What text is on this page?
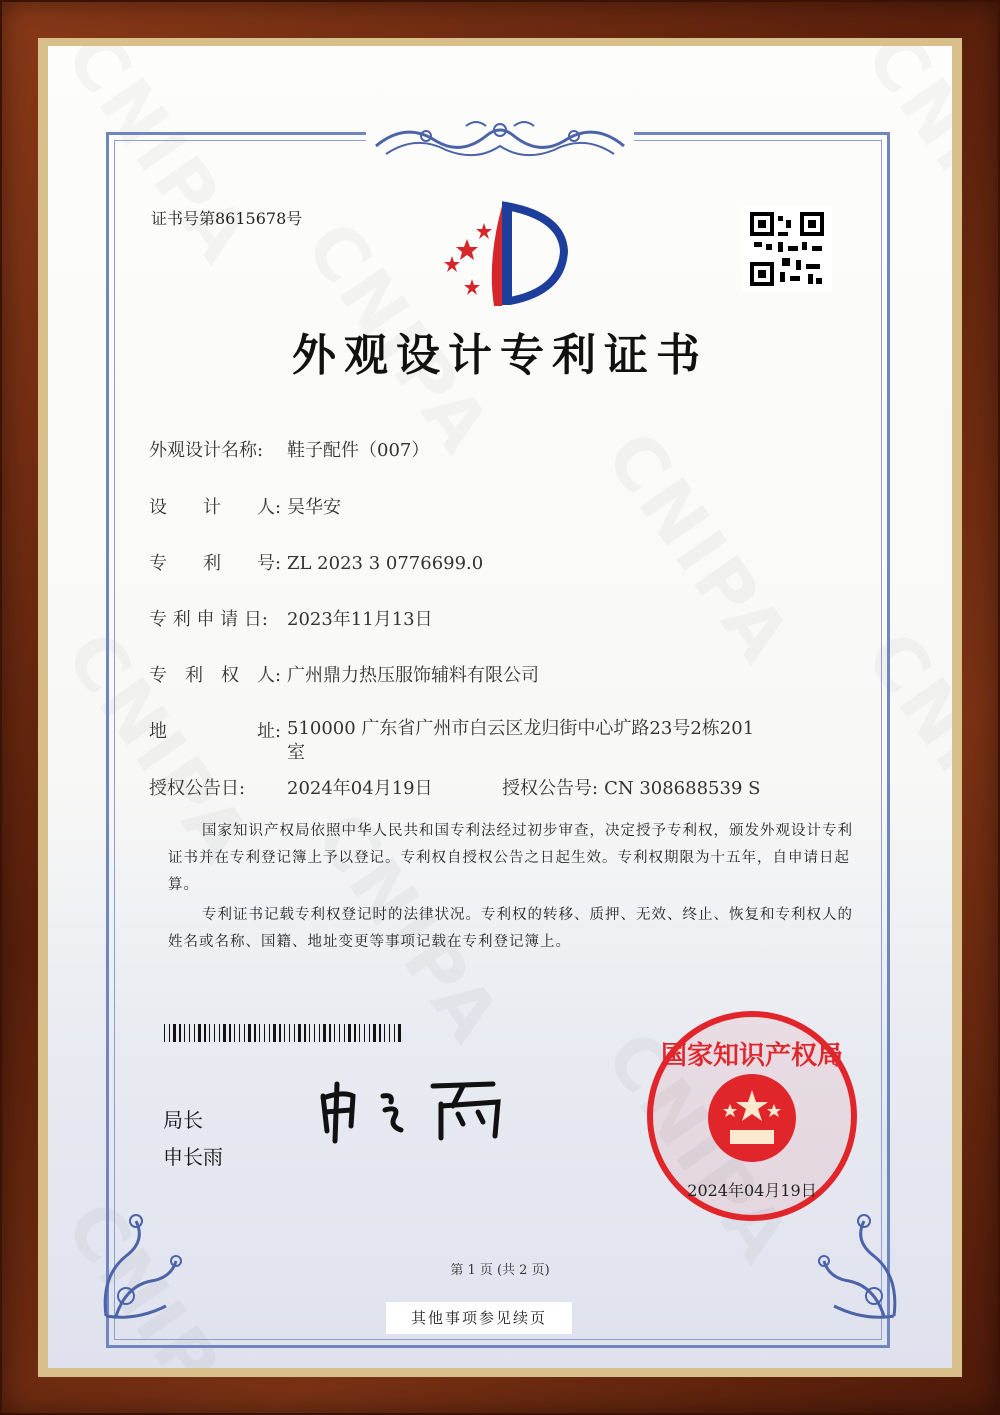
证书号第8615678号
外观设计专利证书
外观设计名称: 鞋子配件（007）
设　　计　　人: 吴华安
专　　利　　号: ZL 2023 3 0776699.0
专 利 申 请 日: 2023年11月13日
专　利　权　人: 广州鼎力热压服饰辅料有限公司
地　　　　　址: 510000 广东省广州市白云区龙归街中心圹路23号2栋201室
授权公告日: 2024年04月19日	授权公告号: CN 308688539 S
国家知识产权局依照中华人民共和国专利法经过初步审查，决定授予专利权，颁发外观设计专利证书并在专利登记簿上予以登记。专利权自授权公告之日起生效。专利权期限为十五年，自申请日起算。
专利证书记载专利权登记时的法律状况。专利权的转移、质押、无效、终止、恢复和专利权人的姓名或名称、国籍、地址变更等事项记载在专利登记簿上。
局长
申长雨
国家知识产权局
2024年04月19日
第 1 页 (共 2 页)
其他事项参见续页
